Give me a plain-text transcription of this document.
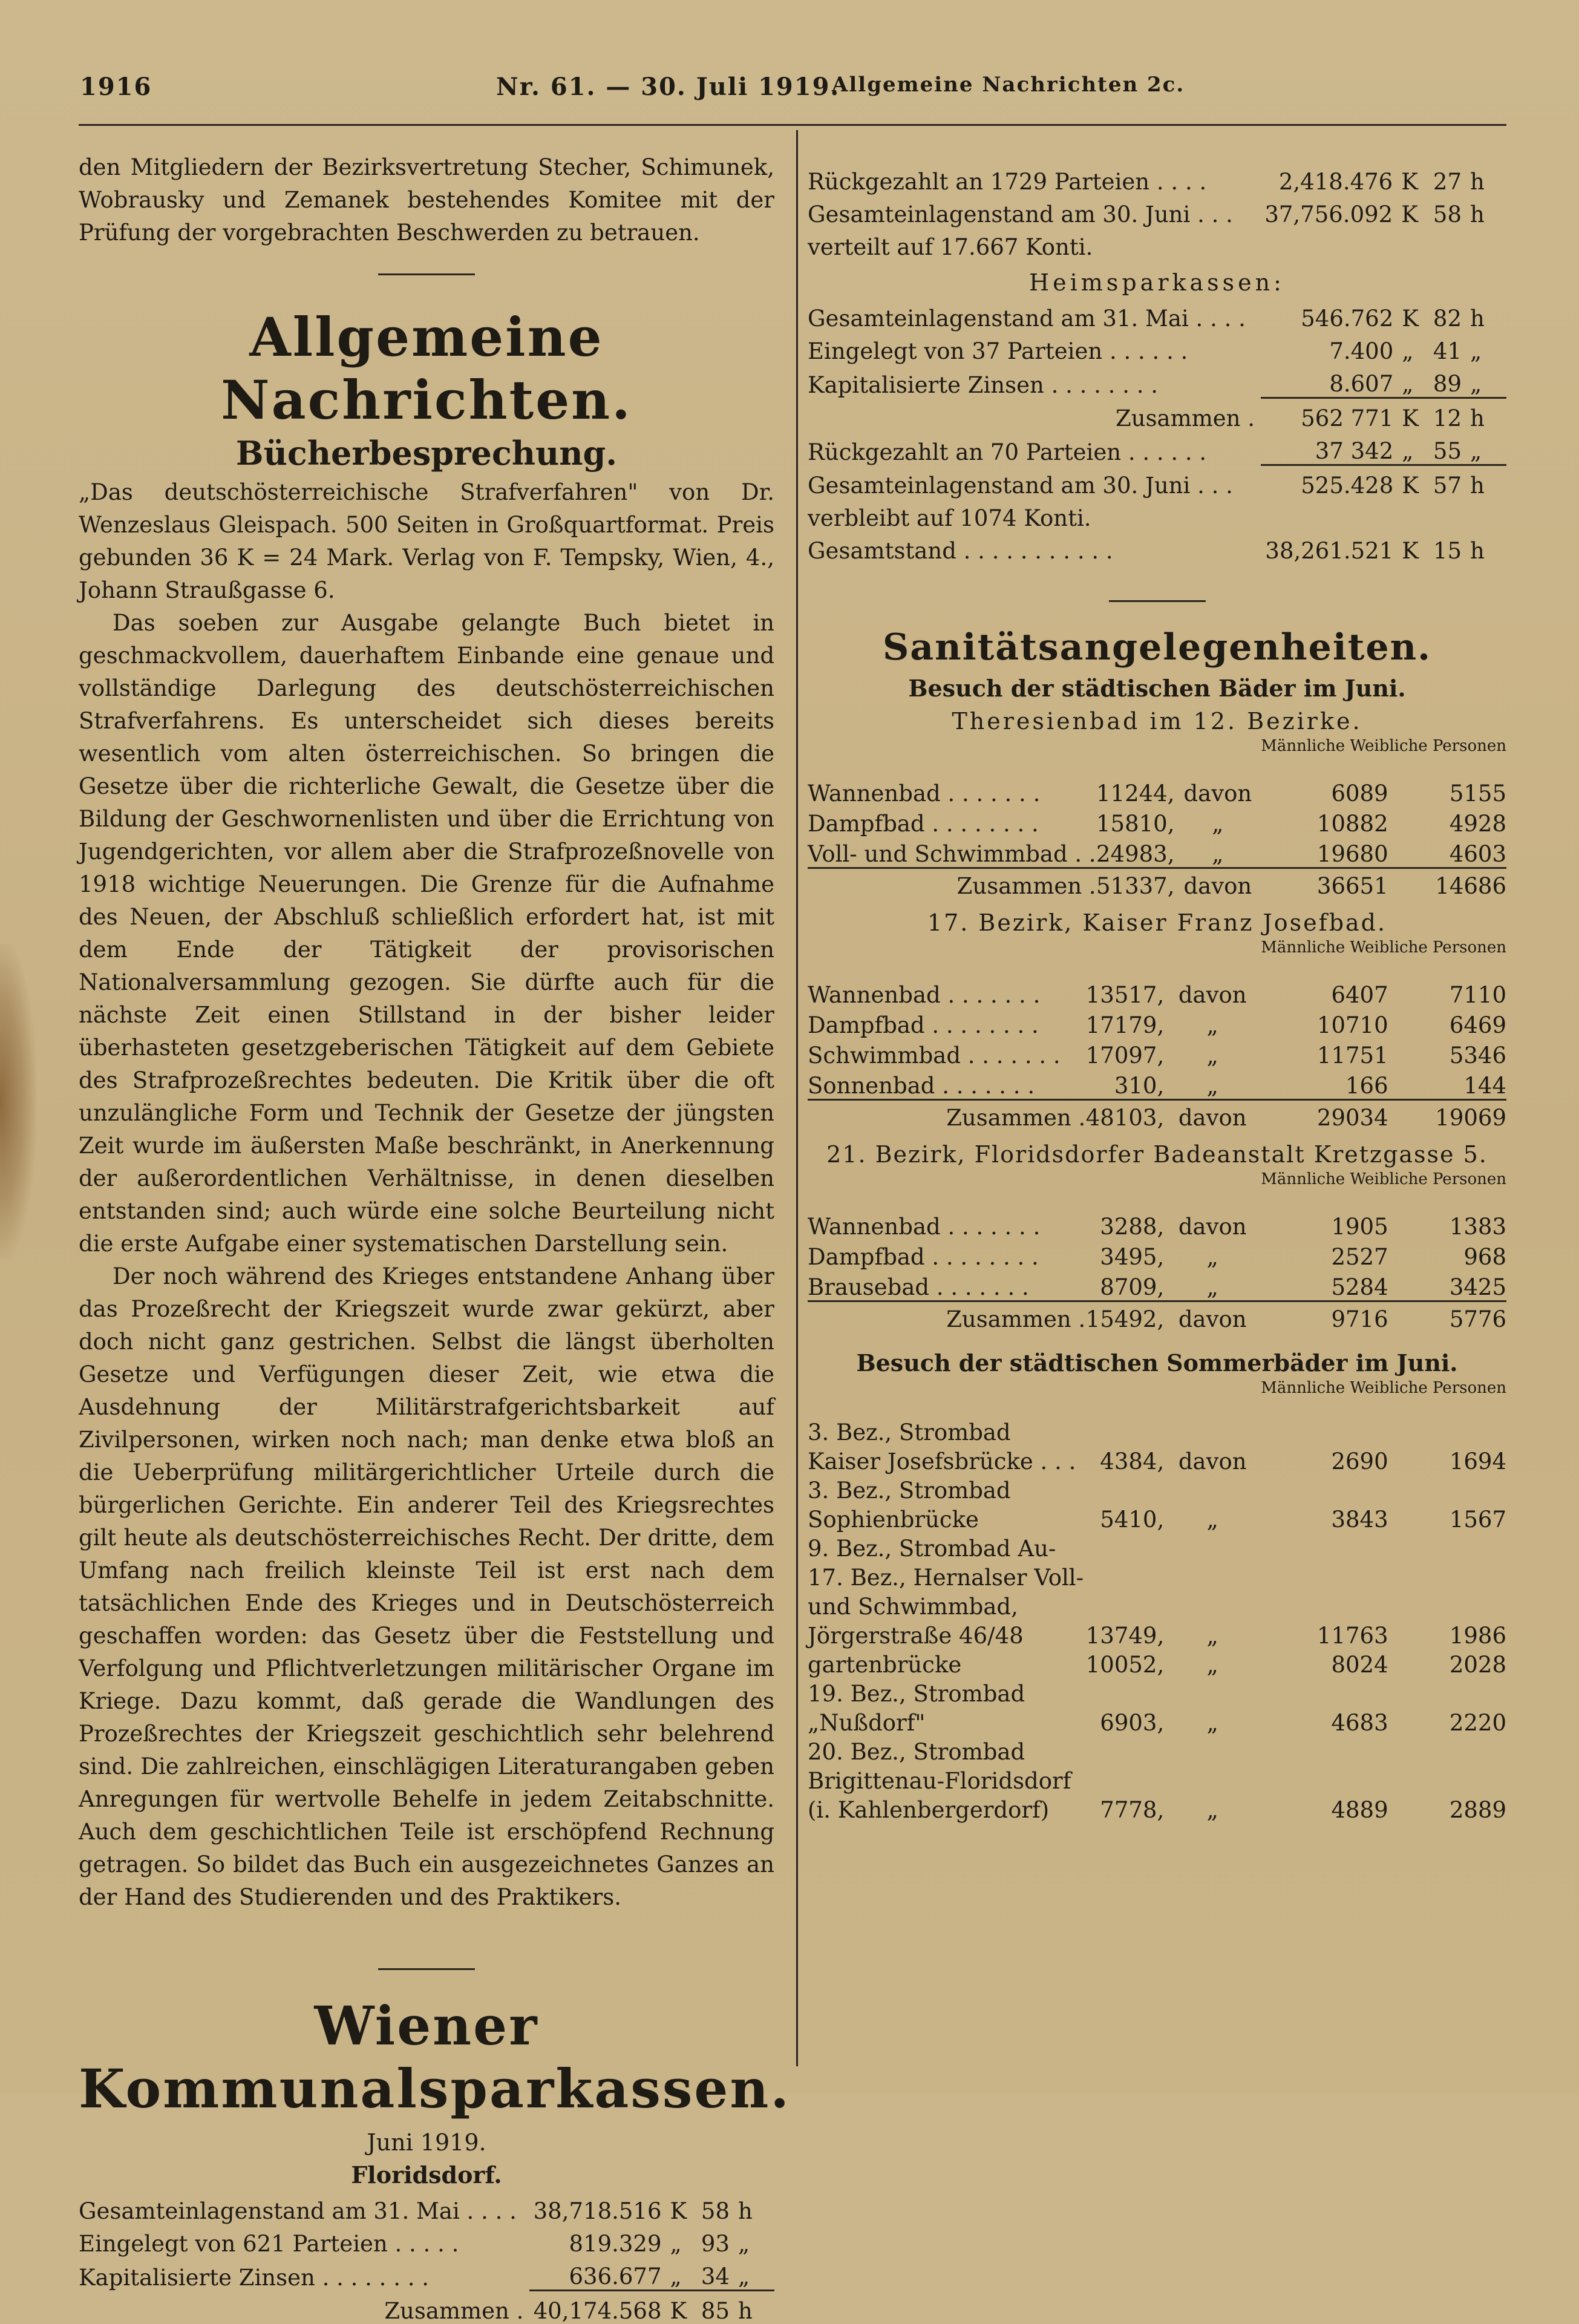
1916	Nr. 61. — 30. Juli 1919.
Allgemeine Nachrichten 2c.

den Mitgliedern der Bezirksvertretung Stecher, Schimunek, Wobrausky und Zemanek bestehendes Komitee mit der Prüfung der vorgebrachten Beschwerden zu betrauen.

Allgemeine Nachrichten.
Bücherbesprechung.

„Das deutschösterreichische Strafverfahren" von Dr. Wenzeslaus Gleispach. 500 Seiten in Großquartformat. Preis gebunden 36 K = 24 Mark. Verlag von F. Tempsky, Wien, 4., Johann Straußgasse 6.

Das soeben zur Ausgabe gelangte Buch bietet in geschmackvollem, dauerhaftem Einbande eine genaue und vollständige Darlegung des deutschösterreichischen Strafverfahrens. Es unterscheidet sich dieses bereits wesentlich vom alten österreichischen. So bringen die Gesetze über die richterliche Gewalt, die Gesetze über die Bildung der Geschwornenlisten und über die Errichtung von Jugendgerichten, vor allem aber die Strafprozeßnovelle von 1918 wichtige Neuerungen. Die Grenze für die Aufnahme des Neuen, der Abschluß schließlich erfordert hat, ist mit dem Ende der Tätigkeit der provisorischen Nationalversammlung gezogen. Sie dürfte auch für die nächste Zeit einen Stillstand in der bisher leider überhasteten gesetzgeberischen Tätigkeit auf dem Gebiete des Strafprozeßrechtes bedeuten. Die Kritik über die oft unzulängliche Form und Technik der Gesetze der jüngsten Zeit wurde im äußersten Maße beschränkt, in Anerkennung der außerordentlichen Verhältnisse, in denen dieselben entstanden sind; auch würde eine solche Beurteilung nicht die erste Aufgabe einer systematischen Darstellung sein.

Der noch während des Krieges entstandene Anhang über das Prozeßrecht der Kriegszeit wurde zwar gekürzt, aber doch nicht ganz gestrichen. Selbst die längst überholten Gesetze und Verfügungen dieser Zeit, wie etwa die Ausdehnung der Militärstrafgerichtsbarkeit auf Zivilpersonen, wirken noch nach; man denke etwa bloß an die Ueberprüfung militärgerichtlicher Urteile durch die bürgerlichen Gerichte. Ein anderer Teil des Kriegsrechtes gilt heute als deutschösterreichisches Recht. Der dritte, dem Umfang nach freilich kleinste Teil ist erst nach dem tatsächlichen Ende des Krieges und in Deutschösterreich geschaffen worden: das Gesetz über die Feststellung und Verfolgung und Pflichtverletzungen militärischer Organe im Kriege. Dazu kommt, daß gerade die Wandlungen des Prozeßrechtes der Kriegszeit geschichtlich sehr belehrend sind. Die zahlreichen, einschlägigen Literaturangaben geben Anregungen für wertvolle Behelfe in jedem Zeitabschnitte. Auch dem geschichtlichen Teile ist erschöpfend Rechnung getragen. So bildet das Buch ein ausgezeichnetes Ganzes an der Hand des Studierenden und des Praktikers.

Wiener Kommunalsparkassen.
Juni 1919.
Floridsdorf.
Gesamteinlagenstand am 31. Mai . . . .	38,718.516	K	58	h
Eingelegt von 621 Parteien . . . . .	819.329	„	93	„
Kapitalisierte Zinsen . . . . . . . .	636.677	„	34	„
Zusammen .	40,174.568	K	85	h
Rückgezahlt an 1729 Parteien . . . .	2,418.476	K	27	h
Gesamteinlagenstand am 30. Juni . . .	37,756.092	K	58	h
verteilt auf 17.667 Konti.				
Heimsparkassen:
Gesamteinlagenstand am 31. Mai . . . .	546.762	K	82	h
Eingelegt von 37 Parteien . . . . . .	7.400	„	41	„
Kapitalisierte Zinsen . . . . . . . .	8.607	„	89	„
Zusammen .	562 771	K	12	h
Rückgezahlt an 70 Parteien . . . . . .	37 342	„	55	„
Gesamteinlagenstand am 30. Juni . . .	525.428	K	57	h
verbleibt auf 1074 Konti.				
Gesamtstand . . . . . . . . . . .	38,261.521	K	15	h
Sanitätsangelegenheiten.
Besuch der städtischen Bäder im Juni.
Theresienbad im 12. Bezirke.
			Männliche Weibliche Personen	
Wannenbad . . . . . . .	11244,	davon	6089	5155
Dampfbad . . . . . . . .	15810,	„	10882	4928
Voll- und Schwimmbad . .	24983,	„	19680	4603
Zusammen .	51337,	davon	36651	14686
17. Bezirk, Kaiser Franz Josefbad.
			Männliche Weibliche Personen	
Wannenbad . . . . . . .	13517,	davon	6407	7110
Dampfbad . . . . . . . .	17179,	„	10710	6469
Schwimmbad . . . . . . .	17097,	„	11751	5346
Sonnenbad . . . . . . .	310,	„	166	144
Zusammen .	48103,	davon	29034	19069
21. Bezirk, Floridsdorfer Badeanstalt Kretzgasse 5.
			Männliche Weibliche Personen	
Wannenbad . . . . . . .	3288,	davon	1905	1383
Dampfbad . . . . . . . .	3495,	„	2527	968
Brausebad . . . . . . .	8709,	„	5284	3425
Zusammen .	15492,	davon	9716	5776
Besuch der städtischen Sommerbäder im Juni.
			Männliche Weibliche Personen	
3. Bez., Strombad Kaiser Josefsbrücke . . .	4384,	davon	2690	1694
3. Bez., Strombad Sophienbrücke	5410,	„	3843	1567
9. Bez., Strombad Au-				
17. Bez., Hernalser Voll- und Schwimmbad, Jörgerstraße 46/48	13749,	„	11763	1986
gartenbrücke	10052,	„	8024	2028
19. Bez., Strombad „Nußdorf"	6903,	„	4683	2220
20. Bez., Strombad Brigittenau-Floridsdorf (i. Kahlenbergerdorf)	7778,	„	4889	2889
